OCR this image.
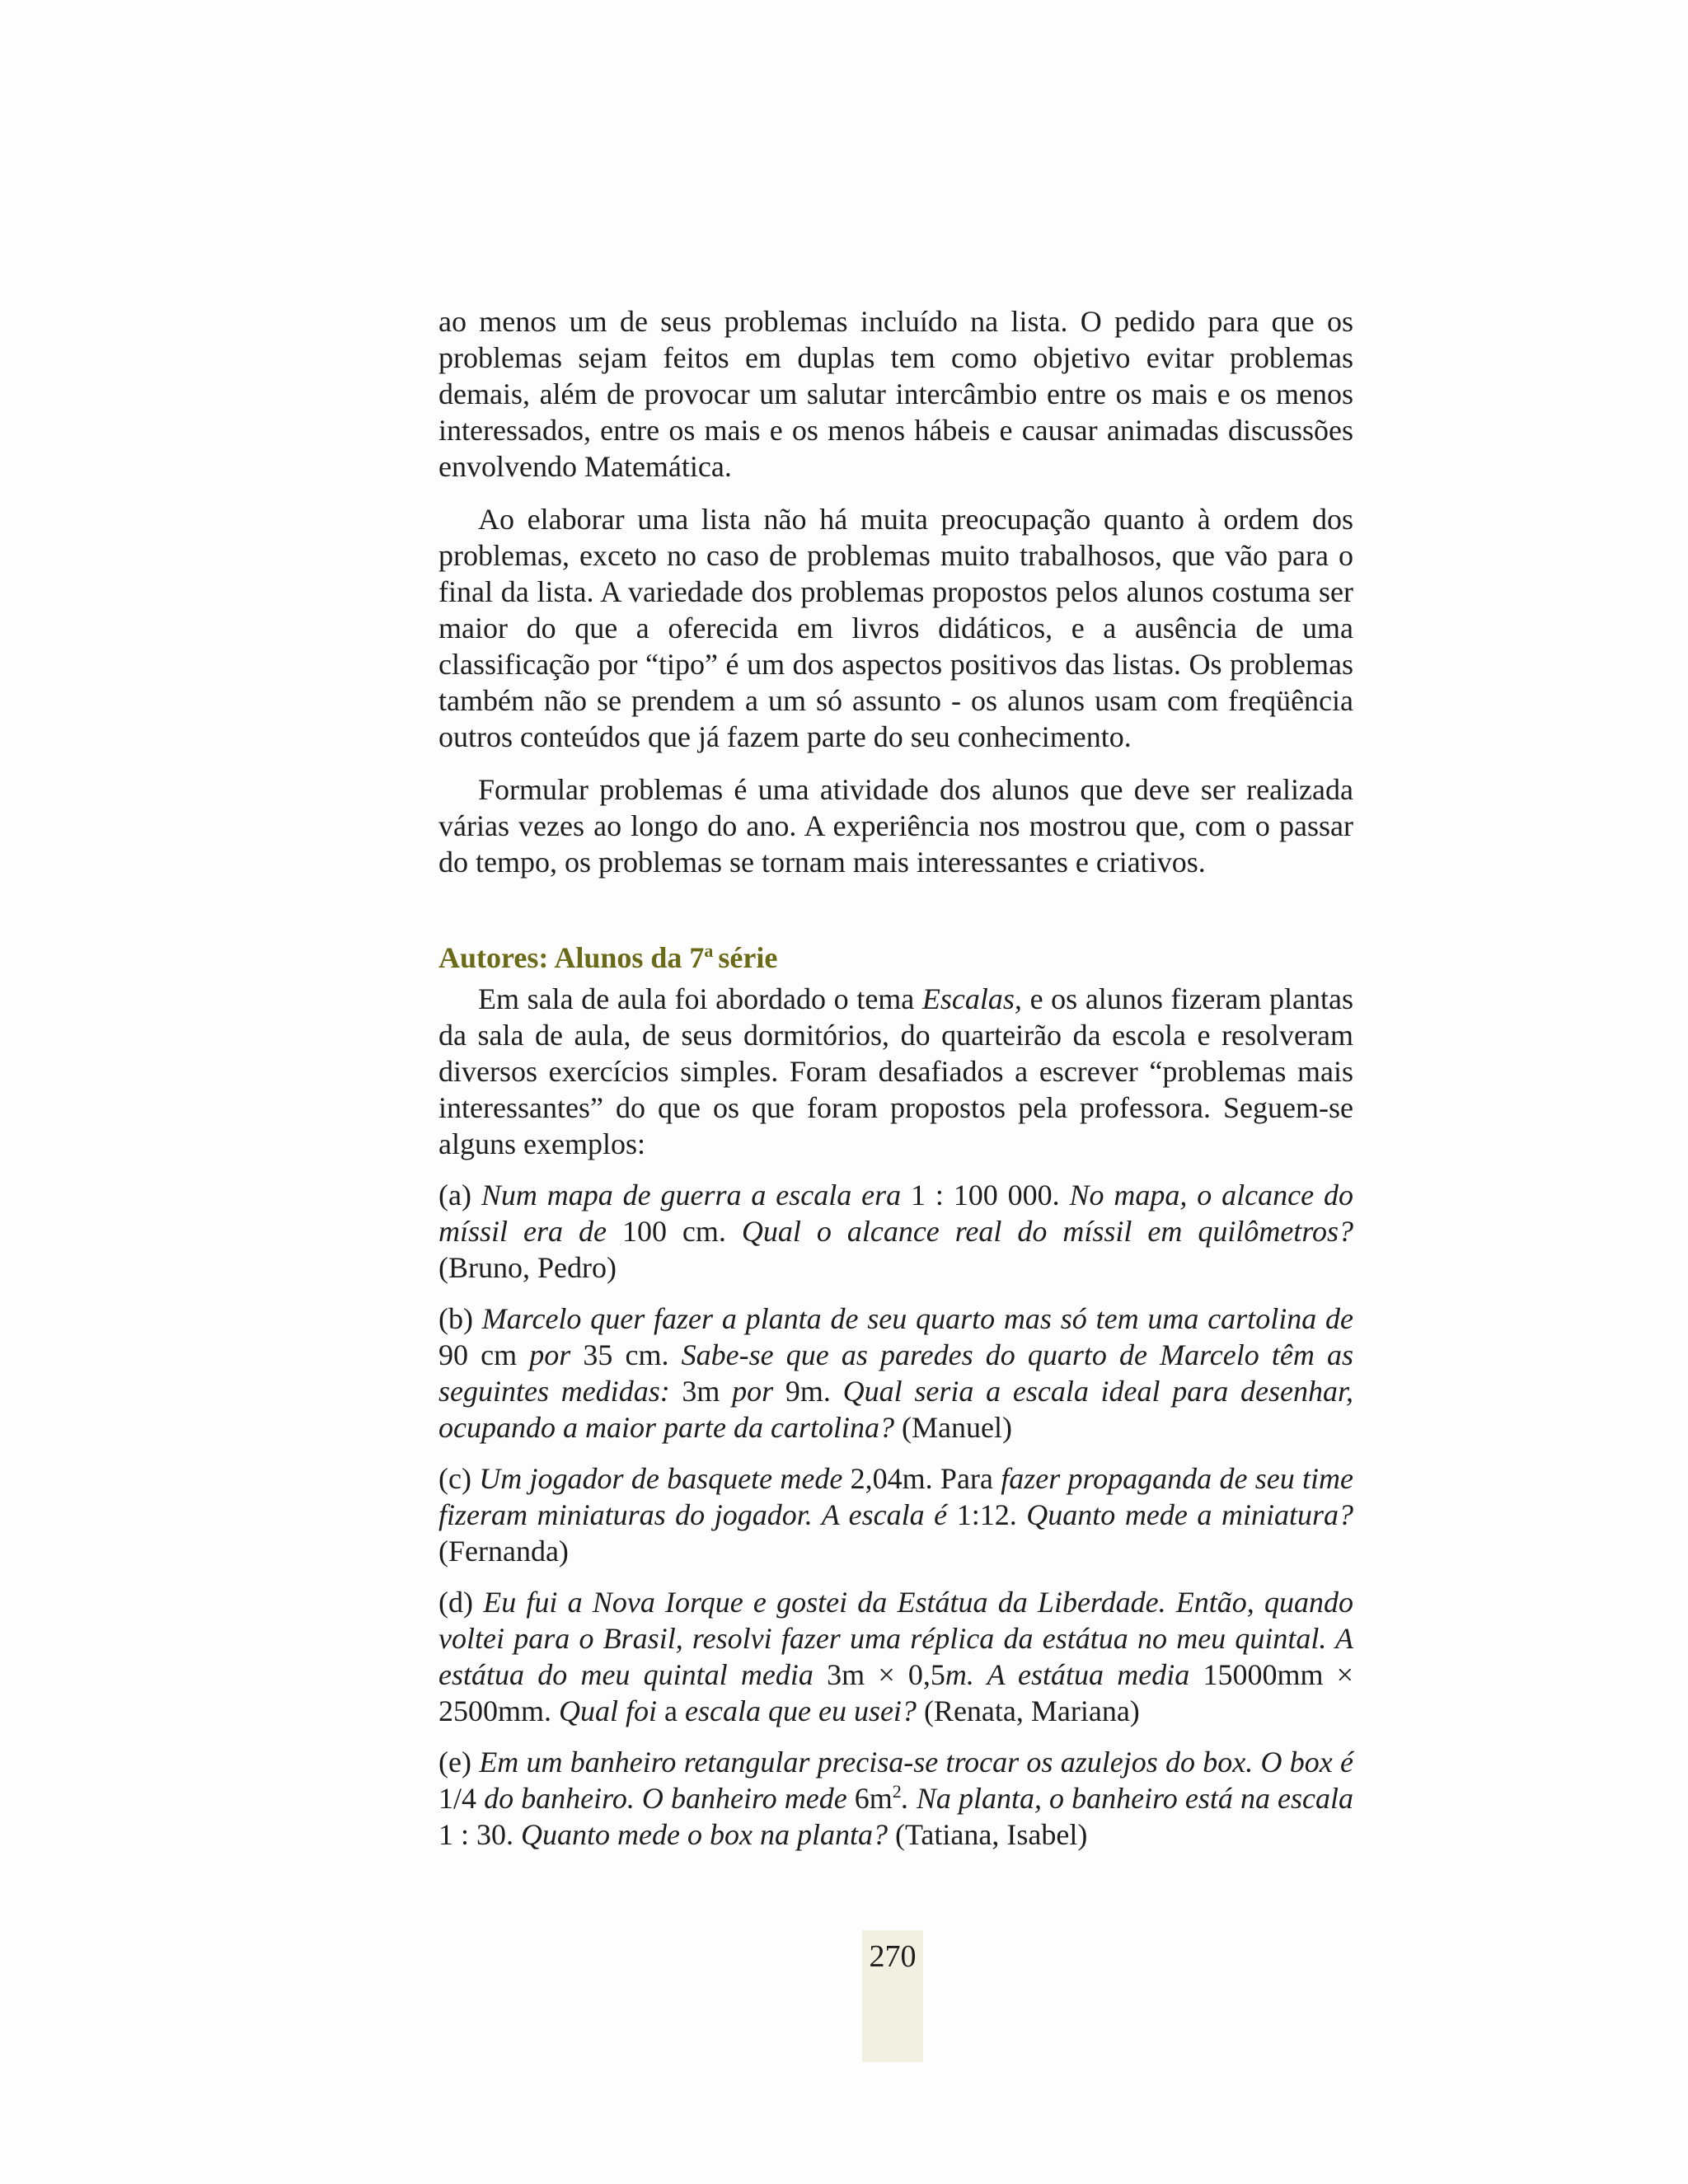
ao menos um de seus problemas incluído na lista. O pedido para que os problemas sejam feitos em duplas tem como objetivo evitar problemas demais, além de provocar um salutar intercâmbio entre os mais e os menos interessados, entre os mais e os menos hábeis e causar animadas discussões envolvendo Matemática.

Ao elaborar uma lista não há muita preocupação quanto à ordem dos problemas, exceto no caso de problemas muito trabalhosos, que vão para o final da lista. A variedade dos problemas propostos pelos alunos costuma ser maior do que a oferecida em livros didáticos, e a ausência de uma classificação por “tipo” é um dos aspectos positivos das listas. Os problemas também não se prendem a um só assunto - os alunos usam com freqüência outros conteúdos que já fazem parte do seu conhecimento.

Formular problemas é uma atividade dos alunos que deve ser realizada várias vezes ao longo do ano. A experiência nos mostrou que, com o passar do tempo, os problemas se tornam mais interessantes e criativos.

Autores: Alunos da 7$^a$ série

Em sala de aula foi abordado o tema Escalas, e os alunos fizeram plantas da sala de aula, de seus dormitórios, do quarteirão da escola e resolveram diversos exercícios simples. Foram desafiados a escrever “problemas mais interessantes” do que os que foram propostos pela professora. Seguem-se alguns exemplos:

(a) Num mapa de guerra a escala era 1 : 100 000. No mapa, o alcance do míssil era de 100 cm. Qual o alcance real do míssil em quilômetros? (Bruno, Pedro)

(b) Marcelo quer fazer a planta de seu quarto mas só tem uma cartolina de 90 cm por 35 cm. Sabe-se que as paredes do quarto de Marcelo têm as seguintes medidas: 3m por 9m. Qual seria a escala ideal para desenhar, ocupando a maior parte da cartolina? (Manuel)

(c) Um jogador de basquete mede 2,04m. Para fazer propaganda de seu time fizeram miniaturas do jogador. A escala é 1:12. Quanto mede a miniatura? (Fernanda)

(d) Eu fui a Nova Iorque e gostei da Estátua da Liberdade. Então, quando voltei para o Brasil, resolvi fazer uma réplica da estátua no meu quintal. A estátua do meu quintal media 3m × 0,5m. A estátua media 15000mm × 2500mm. Qual foi a escala que eu usei? (Renata, Mariana)

(e) Em um banheiro retangular precisa-se trocar os azulejos do box. O box é 1/4 do banheiro. O banheiro mede $6m^2$. Na planta, o banheiro está na escala 1 : 30. Quanto mede o box na planta? (Tatiana, Isabel)

270
